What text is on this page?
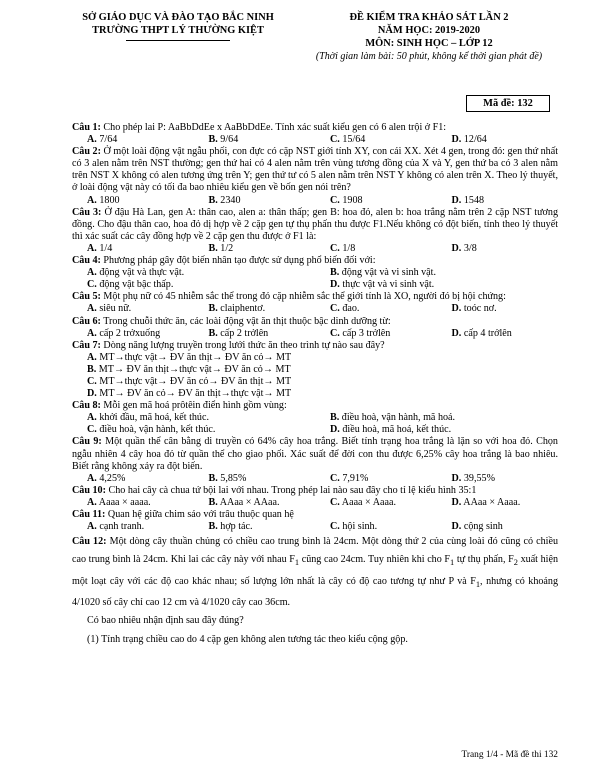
SỞ GIÁO DỤC VÀ ĐÀO TẠO BẮC NINH
TRƯỜNG THPT LÝ THƯỜNG KIỆT
ĐỀ KIỂM TRA KHẢO SÁT LẦN 2
NĂM HỌC: 2019-2020
MÔN: SINH HỌC – LỚP 12
(Thời gian làm bài: 50 phút, không kể thời gian phát đề)
Mã đề: 132
Câu 1: Cho phép lai P: AaBbDdEe x AaBbDdEe. Tính xác suất kiểu gen có 6 alen trội ở F1:
A. 7/64	B. 9/64	C. 15/64	D. 12/64
Câu 2: Ở một loài động vật ngẫu phối, con đực có cặp NST giới tính XY, con cái XX. Xét 4 gen, trong đó: gen thứ nhất có 3 alen nằm trên NST thường; gen thứ hai có 4 alen nằm trên vùng tương đồng của X và Y, gen thứ ba có 3 alen nằm trên NST X không có alen tương ứng trên Y; gen thứ tư có 5 alen nằm trên NST Y không có alen trên X. Theo lý thuyết, ở loài động vật này có tối đa bao nhiêu kiểu gen về bốn gen nói trên?
A. 1800	B. 2340	C. 1908	D. 1548
Câu 3: Ở đậu Hà Lan, gen A: thân cao, alen a: thân thấp; gen B: hoa đỏ, alen b: hoa trắng nằm trên 2 cặp NST tương đồng. Cho đậu thân cao, hoa đỏ dị hợp về 2 cặp gen tự thụ phấn thu được F1.Nếu không có đột biến, tính theo lý thuyết thì xác suất các cây đồng hợp về 2 cặp gen thu được ở F1 là:
A. 1/4	B. 1/2	C. 1/8	D. 3/8
Câu 4: Phương pháp gây đột biến nhân tạo được sử dụng phổ biến đối với:
A. động vật và thực vật.	B. động vật và vi sinh vật.
C. động vật bậc thấp.	D. thực vật và vi sinh vật.
Câu 5: Một phụ nữ có 45 nhiễm sắc thể trong đó cặp nhiễm sắc thể giới tính là XO, người đó bị hội chứng:
A. siêu nữ.	B. claiphentơ.	C. đao.	D. toóc nơ.
Câu 6: Trong chuỗi thức ăn, các loài động vật ăn thịt thuộc bậc dinh dưỡng từ:
A. cấp 2 trởxuống	B. cấp 2 trởlên	C. cấp 3 trởlên	D. cấp 4 trởlên
Câu 7: Dòng năng lượng truyền trong lưới thức ăn theo trình tự nào sau đây?
A. MT→thực vật→ ĐV ăn thịt→ ĐV ăn cỏ→ MT
B. MT→ ĐV ăn thịt→thực vật→ ĐV ăn cỏ→ MT
C. MT→thực vật→ ĐV ăn cỏ→ ĐV ăn thịt→ MT
D. MT→ ĐV ăn cỏ→ ĐV ăn thịt→thực vật→ MT
Câu 8: Mỗi gen mã hoá prôtêin điển hình gồm vùng:
A. khởi đầu, mã hoá, kết thúc.	B. điều hoà, vận hành, mã hoá.
C. điều hoà, vận hành, kết thúc.	D. điều hoà, mã hoá, kết thúc.
Câu 9: Một quần thể cân bằng di truyền có 64% cây hoa trắng. Biết tính trạng hoa trắng là lặn so với hoa đỏ. Chọn ngẫu nhiên 4 cây hoa đỏ từ quần thể cho giao phối. Xác suất để đời con thu được 6,25% cây hoa trắng là bao nhiêu. Biết rằng không xảy ra đột biến.
A. 4,25%	B. 5,85%	C. 7,91%	D. 39,55%
Câu 10: Cho hai cây cà chua tứ bội lai với nhau. Trong phép lai nào sau đây cho tỉ lệ kiểu hình 35:1
A. Aaaa × aaaa.	B. AAaa × AAaa.	C. Aaaa × Aaaa.	D. AAaa × Aaaa.
Câu 11: Quan hệ giữa chim sáo với trâu thuộc quan hệ
A. cạnh tranh.	B. hợp tác.	C. hội sinh.	D. cộng sinh
Câu 12: Một dòng cây thuần chủng có chiều cao trung bình là 24cm. Một dòng thứ 2 của cùng loài đó cũng có chiều cao trung bình là 24cm. Khi lai các cây này với nhau $F_1$ cũng cao 24cm. Tuy nhiên khi cho $F_1$ tự thụ phấn, $F_2$ xuất hiện một loạt cây với các độ cao khác nhau; số lượng lớn nhất là cây có độ cao tương tự như P và $F_1$, nhưng có khoảng 4/1020 số cây chỉ cao 12 cm và 4/1020 cây cao 36cm.

Có bao nhiêu nhận định sau đây đúng?

(1) Tính trạng chiều cao do 4 cặp gen không alen tương tác theo kiểu cộng gộp.

Trang 1/4 - Mã đề thi 132
